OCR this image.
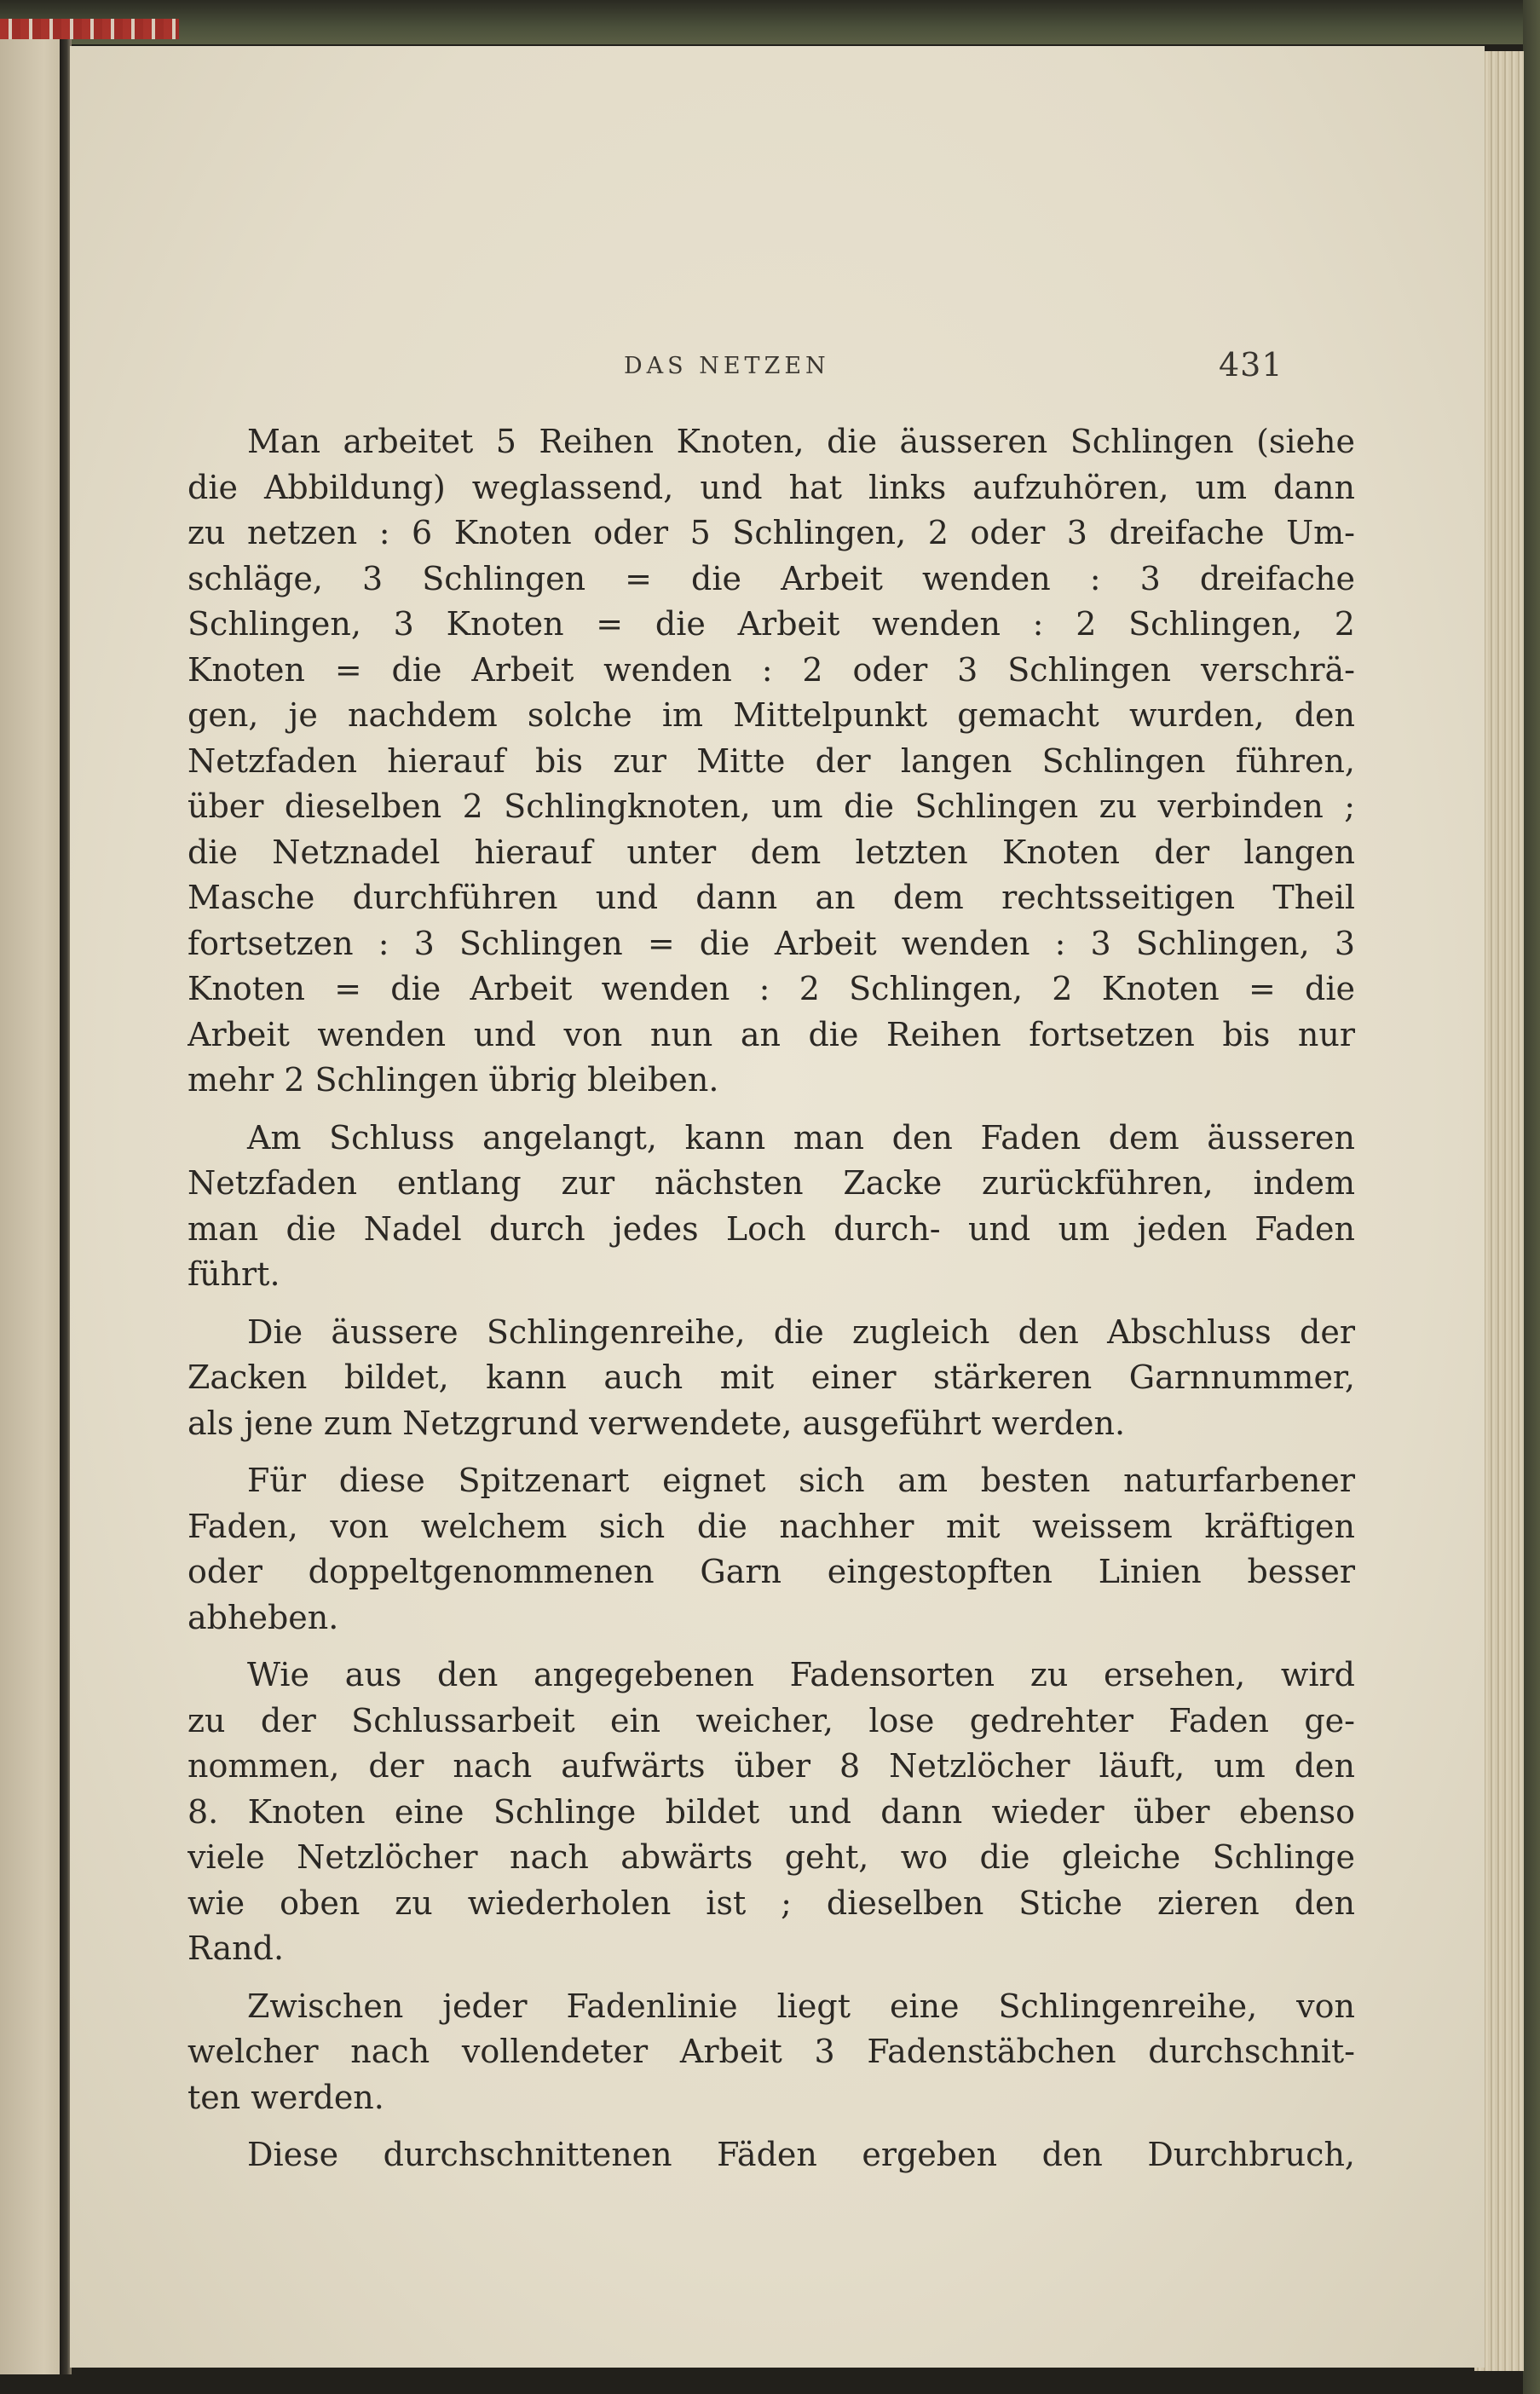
DAS NETZEN	431
Man arbeitet 5 Reihen Knoten, die äusseren Schlingen (siehe
die Abbildung) weglassend, und hat links aufzuhören, um dann
zu netzen : 6 Knoten oder 5 Schlingen, 2 oder 3 dreifache Um-
schläge, 3 Schlingen = die Arbeit wenden : 3 dreifache
Schlingen, 3 Knoten = die Arbeit wenden : 2 Schlingen, 2
Knoten = die Arbeit wenden : 2 oder 3 Schlingen verschrä-
gen, je nachdem solche im Mittelpunkt gemacht wurden, den
Netzfaden hierauf bis zur Mitte der langen Schlingen führen,
über dieselben 2 Schlingknoten, um die Schlingen zu verbinden ;
die Netznadel hierauf unter dem letzten Knoten der langen
Masche durchführen und dann an dem rechtsseitigen Theil
fortsetzen : 3 Schlingen = die Arbeit wenden : 3 Schlingen, 3
Knoten = die Arbeit wenden : 2 Schlingen, 2 Knoten = die
Arbeit wenden und von nun an die Reihen fortsetzen bis nur
mehr 2 Schlingen übrig bleiben.
Am Schluss angelangt, kann man den Faden dem äusseren
Netzfaden entlang zur nächsten Zacke zurückführen, indem
man die Nadel durch jedes Loch durch- und um jeden Faden
führt.
Die äussere Schlingenreihe, die zugleich den Abschluss der
Zacken bildet, kann auch mit einer stärkeren Garnnummer,
als jene zum Netzgrund verwendete, ausgeführt werden.
Für diese Spitzenart eignet sich am besten naturfarbener
Faden, von welchem sich die nachher mit weissem kräftigen
oder doppeltgenommenen Garn eingestopften Linien besser
abheben.
Wie aus den angegebenen Fadensorten zu ersehen, wird
zu der Schlussarbeit ein weicher, lose gedrehter Faden ge-
nommen, der nach aufwärts über 8 Netzlöcher läuft, um den
8. Knoten eine Schlinge bildet und dann wieder über ebenso
viele Netzlöcher nach abwärts geht, wo die gleiche Schlinge
wie oben zu wiederholen ist ; dieselben Stiche zieren den
Rand.
Zwischen jeder Fadenlinie liegt eine Schlingenreihe, von
welcher nach vollendeter Arbeit 3 Fadenstäbchen durchschnit-
ten werden.
Diese durchschnittenen Fäden ergeben den Durchbruch,
